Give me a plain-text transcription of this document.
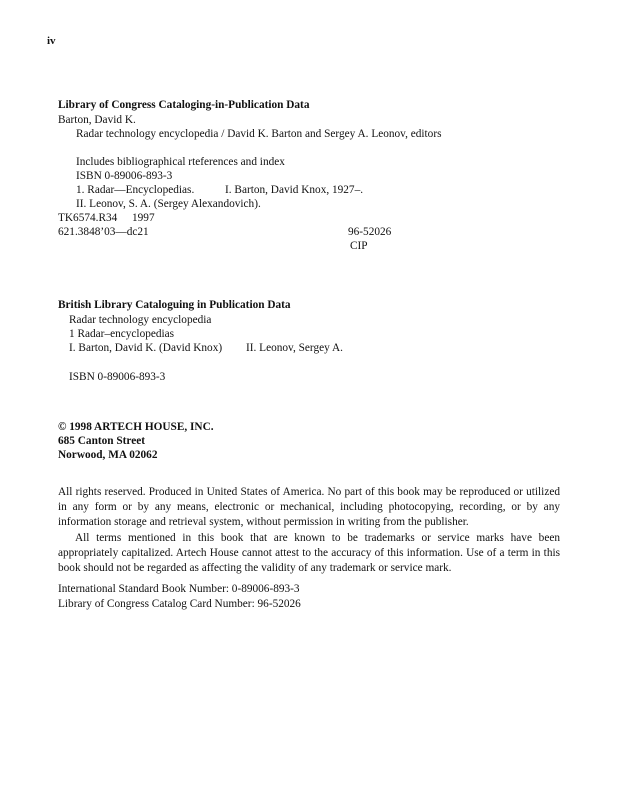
iv
Library of Congress Cataloging-in-Publication Data
Barton, David K.
Radar technology encyclopedia / David K. Barton and Sergey A. Leonov, editors
Includes bibliographical rteferences and index
ISBN 0-89006-893-3
1. Radar—Encyclopedias.	I. Barton, David Knox, 1927–.
II. Leonov, S. A. (Sergey Alexandovich).
TK6574.R34 1997
621.3848’03—dc21	96-52026
CIP
British Library Cataloguing in Publication Data
Radar technology encyclopedia
1 Radar–encyclopedias
I. Barton, David K. (David Knox) II. Leonov, Sergey A.
ISBN 0-89006-893-3
© 1998 ARTECH HOUSE, INC.
685 Canton Street
Norwood, MA 02062

All rights reserved. Produced in United States of America. No part of this book may be reproduced or utilized in any form or by any means, electronic or mechanical, including photocopying, recording, or by any information storage and retrieval system, without permission in writing from the publisher.

All terms mentioned in this book that are known to be trademarks or service marks have been appropriately capitalized. Artech House cannot attest to the accuracy of this information. Use of a term in this book should not be regarded as affecting the validity of any trademark or service mark.

International Standard Book Number: 0-89006-893-3

Library of Congress Catalog Card Number: 96-52026
